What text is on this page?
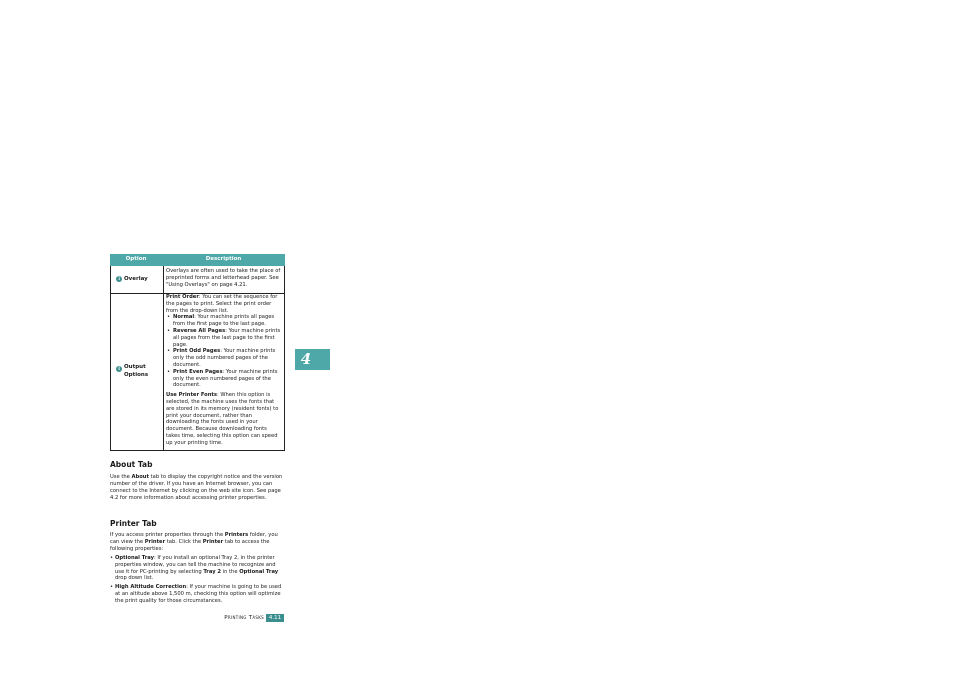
Option	Description
3 Overlay

Overlays are often used to take the place of preprinted forms and letterhead paper. See "Using Overlays" on page 4.21.

4 Output
Options

Print Order: You can set the sequence for the pages to print. Select the print order from the drop-down list.

• Normal: Your machine prints all pages from the first page to the last page.
• Reverse All Pages: Your machine prints all pages from the last page to the first page.
• Print Odd Pages: Your machine prints only the odd numbered pages of the document.
• Print Even Pages: Your machine prints only the even numbered pages of the document.

Use Printer Fonts: When this option is selected, the machine uses the fonts that are stored in its memory (resident fonts) to print your document, rather than downloading the fonts used in your document. Because downloading fonts takes time, selecting this option can speed up your printing time.

About Tab

Use the About tab to display the copyright notice and the version number of the driver. If you have an Internet browser, you can connect to the Internet by clicking on the web site icon. See page 4.2 for more information about accessing printer properties.

Printer Tab

If you access printer properties through the Printers folder, you can view the Printer tab. Click the Printer tab to access the following properties:

• Optional Tray: If you install an optional Tray 2, in the printer properties window, you can tell the machine to recognize and use it for PC-printing by selecting Tray 2 in the Optional Tray drop down list.

• High Altitude Correction: If your machine is going to be used at an altitude above 1,500 m, checking this option will optimize the print quality for those circumstances.

4
Printing Tasks 4.11
